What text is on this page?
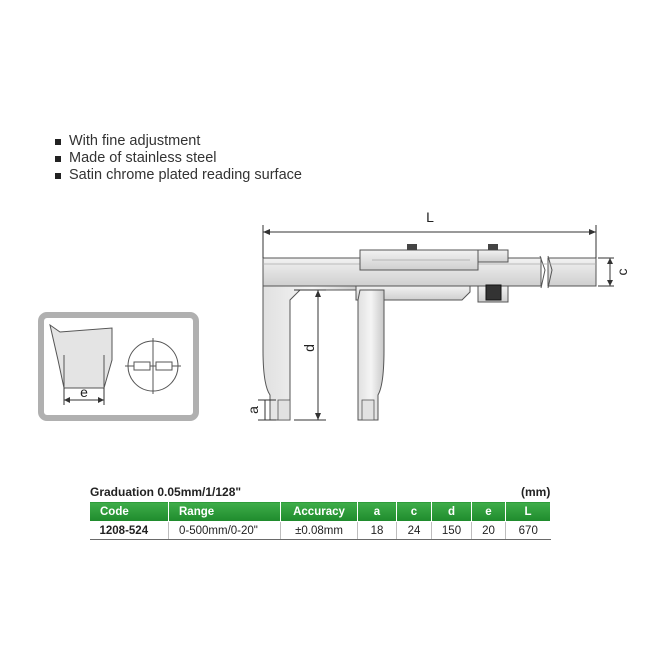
With fine adjustment
Made of stainless steel
Satin chrome plated reading surface
L
c
d
a
e
Graduation 0.05mm/1/128"	(mm)
Code	Range	Accuracy	a	c	d	e	L
1208-524	0-500mm/0-20"	±0.08mm	18	24	150	20	670
